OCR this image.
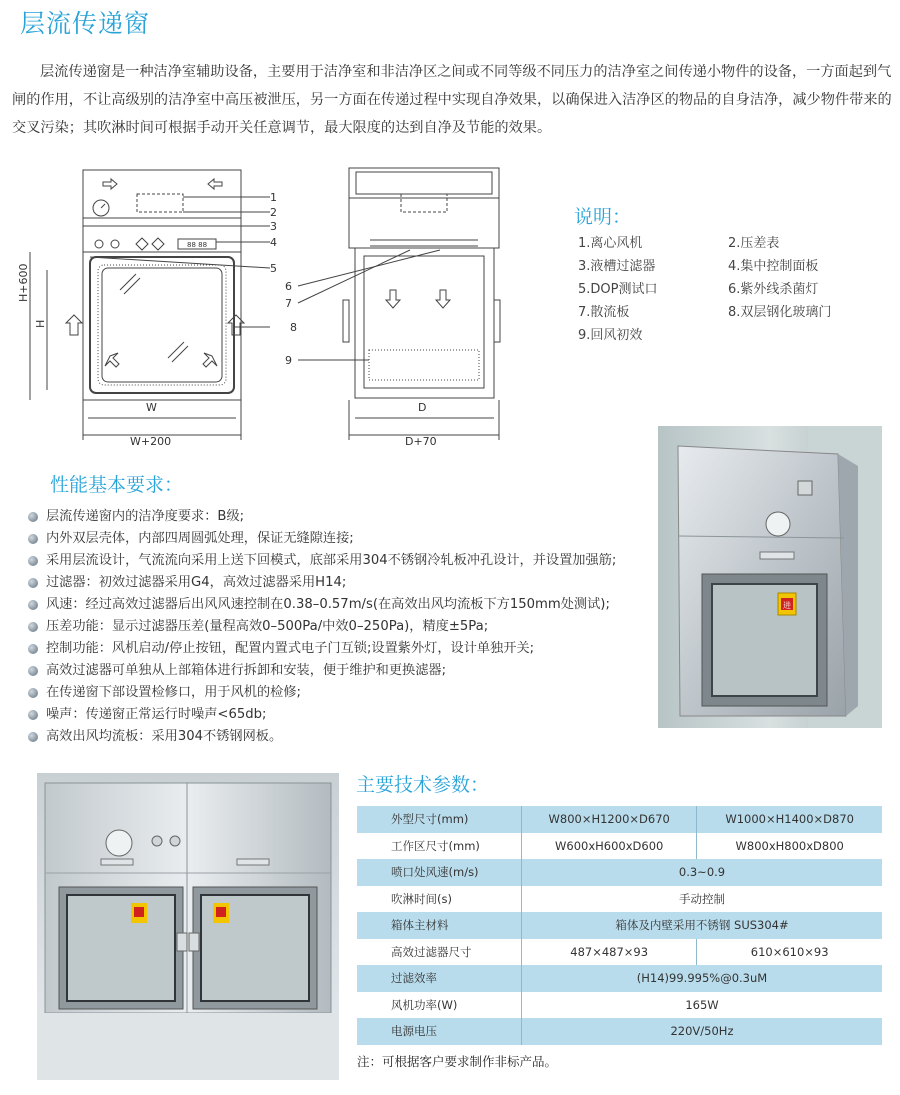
层流传递窗
层流传递窗是一种洁净室辅助设备，主要用于洁净室和非洁净区之间或不同等级不同压力的洁净室之间传递小物件的设备，一方面起到气闸的作用，不让高级别的洁净室中高压被泄压，另一方面在传递过程中实现自净效果，以确保进入洁净区的物品的自身洁净，减少物件带来的交叉污染；其吹淋时间可根据手动开关任意调节，最大限度的达到自净及节能的效果。
1
2
3
4
5
6
7
8
9
W
W+200
D
D+70
88 88
H+600
H
说明：
1.离心风机	2.压差表
3.液槽过滤器	4.集中控制面板
5.DOP测试口	6.紫外线杀菌灯
7.散流板	8.双层钢化玻璃门
9.回风初效
进
性能基本要求：
层流传递窗内的洁净度要求：B级;
内外双层壳体，内部四周圆弧处理，保证无缝隙连接;
采用层流设计，气流流向采用上送下回模式，底部采用304不锈钢冷轧板冲孔设计，并设置加强筋;
过滤器：初效过滤器采用G4，高效过滤器采用H14;
风速：经过高效过滤器后出风风速控制在0.38–0.57m/s(在高效出风均流板下方150mm处测试);
压差功能：显示过滤器压差(量程高效0–500Pa/中效0–250Pa)，精度±5Pa;
控制功能：风机启动/停止按钮，配置内置式电子门互锁;设置紫外灯，设计单独开关;
高效过滤器可单独从上部箱体进行拆卸和安装，便于维护和更换滤器;
在传递窗下部设置检修口，用于风机的检修;
噪声：传递窗正常运行时噪声<65db;
高效出风均流板：采用304不锈钢网板。
主要技术参数：
外型尺寸(mm)	W800×H1200×D670	W1000×H1400×D870
工作区尺寸(mm)	W600xH600xD600	W800xH800xD800
喷口处风速(m/s)	0.3~0.9	
吹淋时间(s)	手动控制	
箱体主材料	箱体及内壁采用不锈钢 SUS304#	
高效过滤器尺寸	487×487×93	610×610×93
过滤效率	(H14)99.995%@0.3uM	
风机功率(W)	165W	
电源电压	220V/50Hz	
注：可根据客户要求制作非标产品。
